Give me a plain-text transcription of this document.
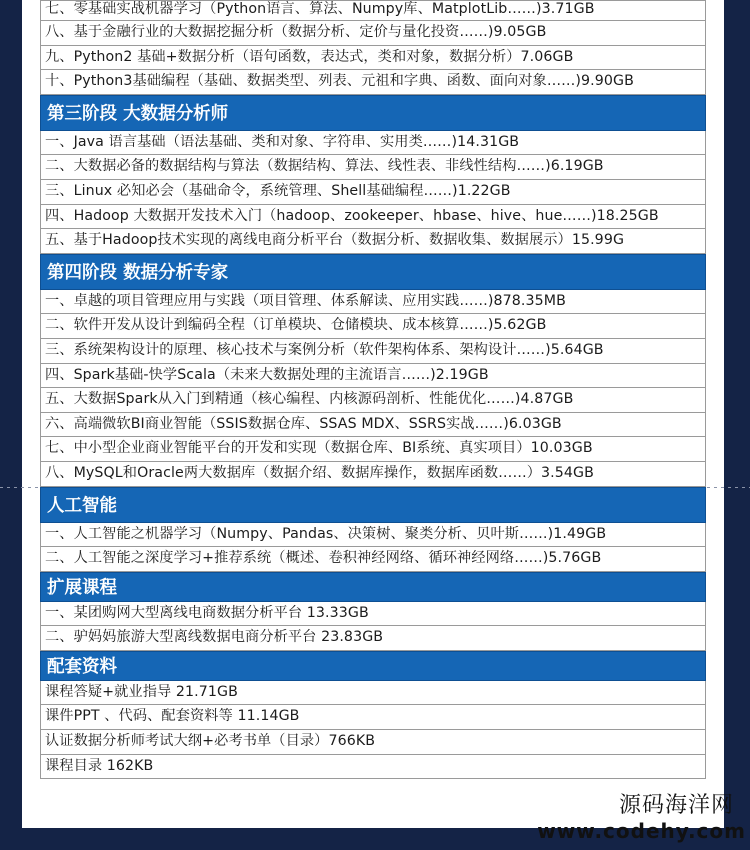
七、零基础实战机器学习（Python语言、算法、Numpy库、MatplotLib……)3.71GB
八、基于金融行业的大数据挖掘分析（数据分析、定价与量化投资……)9.05GB
九、Python2 基础+数据分析（语句函数，表达式，类和对象，数据分析）7.06GB
十、Python3基础编程（基础、数据类型、列表、元祖和字典、函数、面向对象……)9.90GB
第三阶段 大数据分析师
一、Java 语言基础（语法基础、类和对象、字符串、实用类……)14.31GB
二、大数据必备的数据结构与算法（数据结构、算法、线性表、非线性结构……)6.19GB
三、Linux 必知必会（基础命令，系统管理、Shell基础编程……)1.22GB
四、Hadoop 大数据开发技术入门（hadoop、zookeeper、hbase、hive、hue……)18.25GB
五、基于Hadoop技术实现的离线电商分析平台（数据分析、数据收集、数据展示）15.99G
第四阶段 数据分析专家
一、卓越的项目管理应用与实践（项目管理、体系解读、应用实践……)878.35MB
二、软件开发从设计到编码全程（订单模块、仓储模块、成本核算……)5.62GB
三、系统架构设计的原理、核心技术与案例分析（软件架构体系、架构设计……)5.64GB
四、Spark基础-快学Scala（未来大数据处理的主流语言……)2.19GB
五、大数据Spark从入门到精通（核心编程、内核源码剖析、性能优化……)4.87GB
六、高端微软BI商业智能（SSIS数据仓库、SSAS MDX、SSRS实战……)6.03GB
七、中小型企业商业智能平台的开发和实现（数据仓库、BI系统、真实项目）10.03GB
八、MySQL和Oracle两大数据库（数据介绍、数据库操作，数据库函数……）3.54GB
人工智能
一、人工智能之机器学习（Numpy、Pandas、决策树、聚类分析、贝叶斯……)1.49GB
二、人工智能之深度学习+推荐系统（概述、卷积神经网络、循环神经网络……)5.76GB
扩展课程
一、某团购网大型离线电商数据分析平台 13.33GB
二、驴妈妈旅游大型离线数据电商分析平台 23.83GB
配套资料
课程答疑+就业指导 21.71GB
课件PPT 、代码、配套资料等 11.14GB
认证数据分析师考试大纲+必考书单（目录）766KB
课程目录 162KB
源码海洋网
www.codehy.com
